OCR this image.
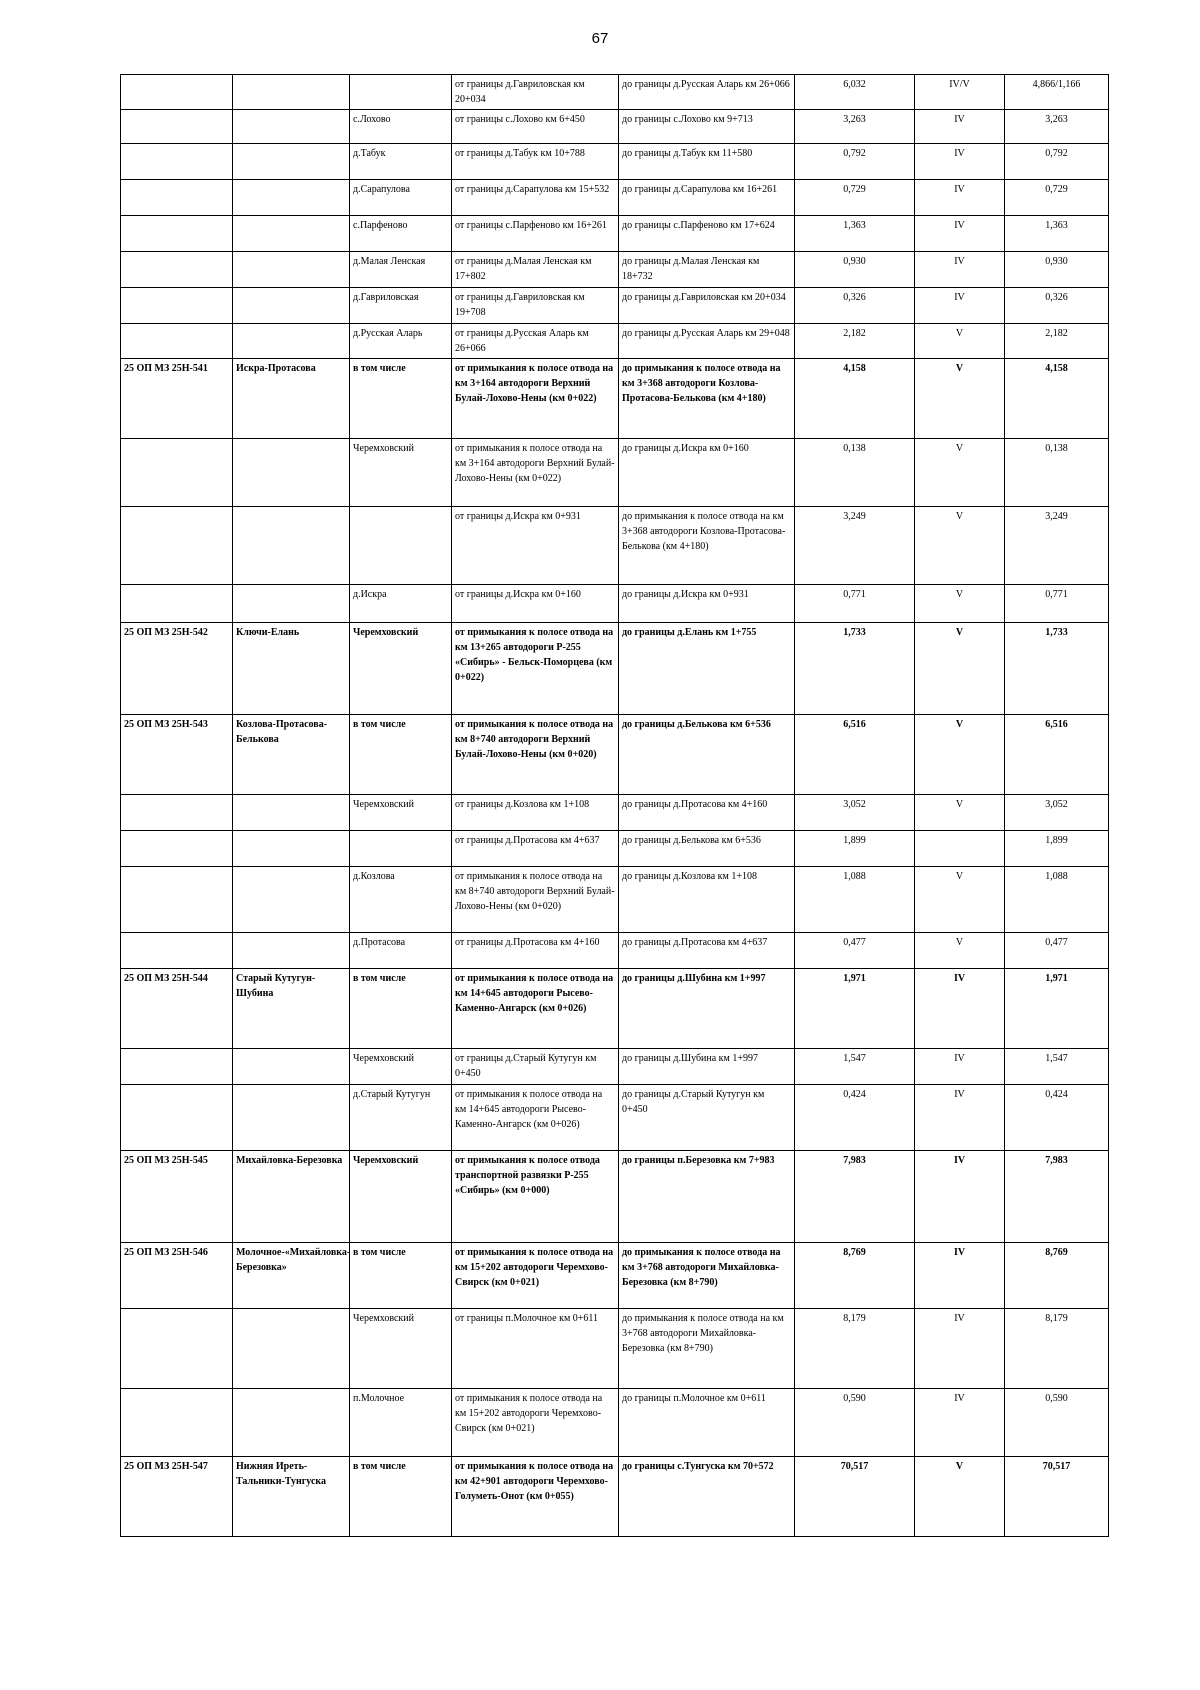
67
			от границы д.Гавриловская км 20+034	до границы д.Русская Аларь км 26+066	6,032	IV/V	4,866/1,166
		с.Лохово	от границы с.Лохово км 6+450	до границы с.Лохово км 9+713	3,263	IV	3,263
		д.Табук	от границы д.Табук км 10+788	до границы д.Табук км 11+580	0,792	IV	0,792
		д.Сарапулова	от границы д.Сарапулова км 15+532	до границы д.Сарапулова км 16+261	0,729	IV	0,729
		с.Парфеново	от границы с.Парфеново км 16+261	до границы с.Парфеново км 17+624	1,363	IV	1,363
		д.Малая Ленская	от границы д.Малая Ленская км 17+802	до границы д.Малая Ленская км 18+732	0,930	IV	0,930
		д.Гавриловская	от границы д.Гавриловская км 19+708	до границы д.Гавриловская км 20+034	0,326	IV	0,326
		д.Русская Аларь	от границы д.Русская Аларь км 26+066	до границы д.Русская Аларь км 29+048	2,182	V	2,182
25 ОП МЗ 25Н-541	Искра-Протасова	в том числе	от примыкания к полосе отвода на км 3+164 автодороги Верхний Булай-Лохово-Нены (км 0+022)	до примыкания к полосе отвода на км 3+368 автодороги Козлова-Протасова-Белькова (км 4+180)	4,158	V	4,158
		Черемховский	от примыкания к полосе отвода на км 3+164 автодороги Верхний Булай-Лохово-Нены (км 0+022)	до границы д.Искра км 0+160	0,138	V	0,138
			от границы д.Искра км 0+931	до примыкания к полосе отвода на км 3+368 автодороги Козлова-Протасова-Белькова (км 4+180)	3,249	V	3,249
		д.Искра	от границы д.Искра км 0+160	до границы д.Искра км 0+931	0,771	V	0,771
25 ОП МЗ 25Н-542	Ключи-Елань	Черемховский	от примыкания к полосе отвода на км 13+265 автодороги Р-255 «Сибирь» - Бельск-Поморцева (км 0+022)	до границы д.Елань км 1+755	1,733	V	1,733
25 ОП МЗ 25Н-543	Козлова-Протасова-Белькова	в том числе	от примыкания к полосе отвода на км 8+740 автодороги Верхний Булай-Лохово-Нены (км 0+020)	до границы д.Белькова км 6+536	6,516	V	6,516
		Черемховский	от границы д.Козлова км 1+108	до границы д.Протасова км 4+160	3,052	V	3,052
			от границы д.Протасова км 4+637	до границы д.Белькова км 6+536	1,899		1,899
		д.Козлова	от примыкания к полосе отвода на км 8+740 автодороги Верхний Булай-Лохово-Нены (км 0+020)	до границы д.Козлова км 1+108	1,088	V	1,088
		д.Протасова	от границы д.Протасова км 4+160	до границы д.Протасова км 4+637	0,477	V	0,477
25 ОП МЗ 25Н-544	Старый Кутугун-Шубина	в том числе	от примыкания к полосе отвода на км 14+645 автодороги Рысево-Каменно-Ангарск (км 0+026)	до границы д.Шубина км 1+997	1,971	IV	1,971
		Черемховский	от границы д.Старый Кутугун км 0+450	до границы д.Шубина км 1+997	1,547	IV	1,547
		д.Старый Кутугун	от примыкания к полосе отвода на км 14+645 автодороги Рысево-Каменно-Ангарск (км 0+026)	до границы д.Старый Кутугун км 0+450	0,424	IV	0,424
25 ОП МЗ 25Н-545	Михайловка-Березовка	Черемховский	от примыкания к полосе отвода транспортной развязки Р-255 «Сибирь» (км 0+000)	до границы п.Березовка км 7+983	7,983	IV	7,983
25 ОП МЗ 25Н-546	Молочное-«Михайловка-Березовка»	в том числе	от примыкания к полосе отвода на км 15+202 автодороги Черемхово-Свирск (км 0+021)	до примыкания к полосе отвода на км 3+768 автодороги Михайловка-Березовка (км 8+790)	8,769	IV	8,769
		Черемховский	от границы п.Молочное км 0+611	до примыкания к полосе отвода на км 3+768 автодороги Михайловка-Березовка (км 8+790)	8,179	IV	8,179
		п.Молочное	от примыкания к полосе отвода на км 15+202 автодороги Черемхово-Свирск (км 0+021)	до границы п.Молочное км 0+611	0,590	IV	0,590
25 ОП МЗ 25Н-547	Нижняя Иреть-Тальники-Тунгуска	в том числе	от примыкания к полосе отвода на км 42+901 автодороги Черемхово-Голуметь-Онот (км 0+055)	до границы с.Тунгуска км 70+572	70,517	V	70,517
